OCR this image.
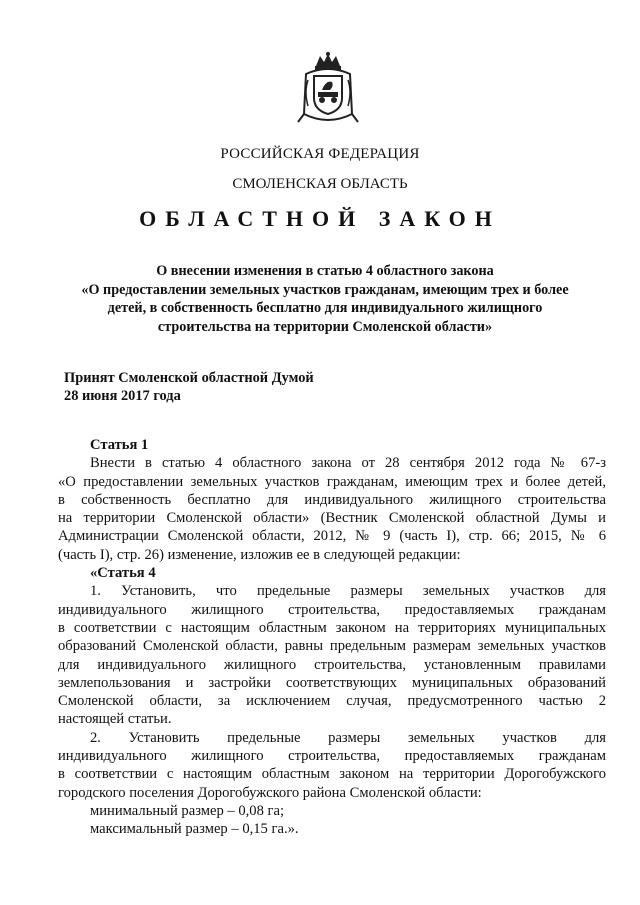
РОССИЙСКАЯ ФЕДЕРАЦИЯ
СМОЛЕНСКАЯ ОБЛАСТЬ
ОБЛАСТНОЙ ЗАКОН
О внесении изменения в статью 4 областного закона
«О предоставлении земельных участков гражданам, имеющим трех и более
детей, в собственность бесплатно для индивидуального жилищного
строительства на территории Смоленской области»
Принят Смоленской областной Думой
28 июня 2017 года
Статья 1
Внести в статью 4 областного закона от 28 сентября 2012 года № 67-з
«О предоставлении земельных участков гражданам, имеющим трех и более детей,
в собственность бесплатно для индивидуального жилищного строительства
на территории Смоленской области» (Вестник Смоленской областной Думы и
Администрации Смоленской области, 2012, № 9 (часть I), стр. 66; 2015, № 6
(часть I), стр. 26) изменение, изложив ее в следующей редакции:
«Статья 4
1. Установить, что предельные размеры земельных участков для
индивидуального жилищного строительства, предоставляемых гражданам
в соответствии с настоящим областным законом на территориях муниципальных
образований Смоленской области, равны предельным размерам земельных участков
для индивидуального жилищного строительства, установленным правилами
землепользования и застройки соответствующих муниципальных образований
Смоленской области, за исключением случая, предусмотренного частью 2
настоящей статьи.
2. Установить предельные размеры земельных участков для
индивидуального жилищного строительства, предоставляемых гражданам
в соответствии с настоящим областным законом на территории Дорогобужского
городского поселения Дорогобужского района Смоленской области:
минимальный размер – 0,08 га;
максимальный размер – 0,15 га.».
